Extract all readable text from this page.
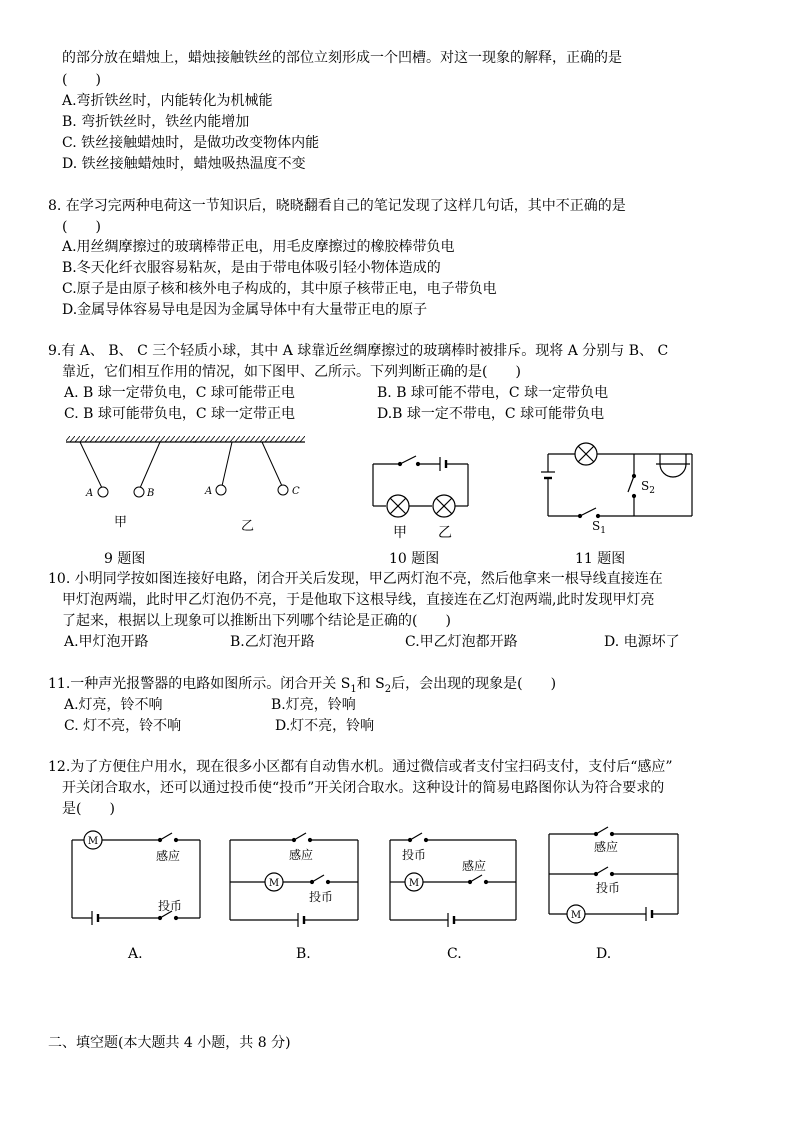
的部分放在蜡烛上，蜡烛接触铁丝的部位立刻形成一个凹槽。对这一现象的解释，正确的是
(　　)
A.弯折铁丝时，内能转化为机械能
B. 弯折铁丝时，铁丝内能增加
C. 铁丝接触蜡烛时，是做功改变物体内能
D. 铁丝接触蜡烛时，蜡烛吸热温度不变
8. 在学习完两种电荷这一节知识后，晓晓翻看自己的笔记发现了这样几句话，其中不正确的是
(　　)
A.用丝绸摩擦过的玻璃棒带正电，用毛皮摩擦过的橡胶棒带负电
B.冬天化纤衣服容易粘灰，是由于带电体吸引轻小物体造成的
C.原子是由原子核和核外电子构成的，其中原子核带正电，电子带负电
D.金属导体容易导电是因为金属导体中有大量带正电的原子
9.有 A、 B、 C 三个轻质小球，其中 A 球靠近丝绸摩擦过的玻璃棒时被排斥。现将 A 分别与 B、 C
靠近，它们相互作用的情况，如下图甲、乙所示。下列判断正确的是(　　)
A. B 球一定带负电，C 球可能带正电	B. B 球可能不带电，C 球一定带负电
C. B 球可能带负电，C 球一定带正电	D.B 球一定不带电，C 球可能带负电
A	B
甲
A	C
乙	甲 乙
$S_2$
$S_1$
9 题图	10 题图	11 题图
10. 小明同学按如图连接好电路，闭合开关后发现，甲乙两灯泡不亮，然后他拿来一根导线直接连在
甲灯泡两端，此时甲乙灯泡仍不亮，于是他取下这根导线，直接连在乙灯泡两端,此时发现甲灯亮
了起来，根据以上现象可以推断出下列哪个结论是正确的(　　)
A.甲灯泡开路	B.乙灯泡开路	C.甲乙灯泡都开路	D. 电源坏了
11.一种声光报警器的电路如图所示。闭合开关 $S_1$和 $S_2$后，会出现的现象是(　　)
A.灯亮，铃不响	B.灯亮，铃响
C. 灯不亮，铃不响	D.灯不亮，铃响
12.为了方便住户用水，现在很多小区都有自动售水机。通过微信或者支付宝扫码支付，支付后“感应”
开关闭合取水，还可以通过投币使“投币”开关闭合取水。这种设计的简易电路图你认为符合要求的
是(　　)
M
感应
投币
M
感应
投币
M
投币
感应
M
感应
投币
A.	B.	C.	D.
二、填空题(本大题共 4 小题，共 8 分)
